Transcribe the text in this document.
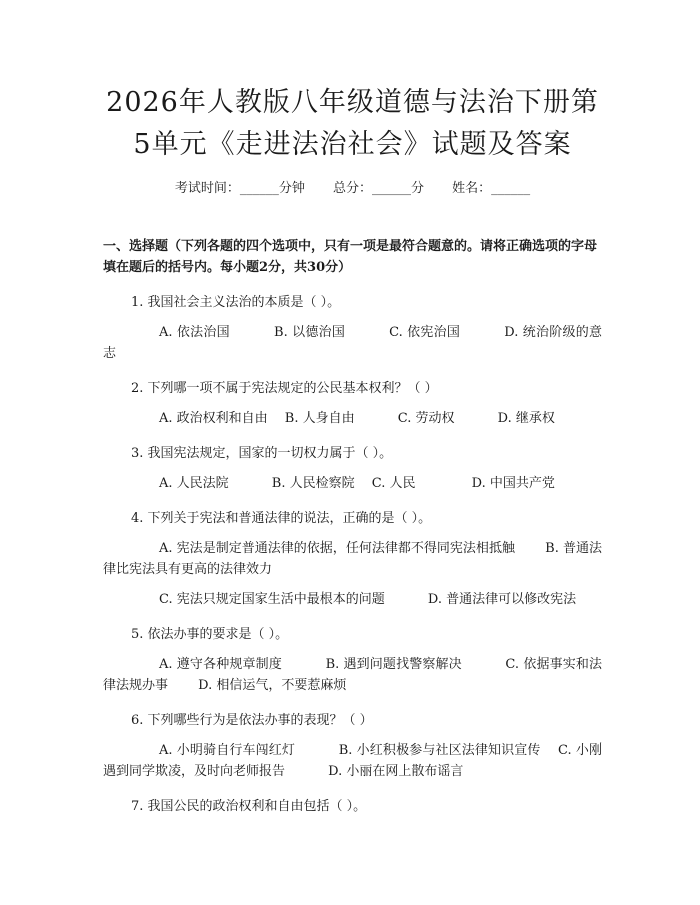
2026年人教版八年级道德与法治下册第5单元《走进法治社会》试题及答案
考试时间：______分钟 总分：______分 姓名：______
一、选择题（下列各题的四个选项中，只有一项是最符合题意的。请将正确选项的字母填在题后的括号内。每小题2分，共30分）
1. 我国社会主义法治的本质是（ ）。
A. 依法治国　　　 B. 以德治国　　　 C. 依宪治国　　　 D. 统治阶级的意志
2. 下列哪一项不属于宪法规定的公民基本权利？（ ）
A. 政治权利和自由　 B. 人身自由　　　 C. 劳动权　　　 D. 继承权
3. 我国宪法规定，国家的一切权力属于（ ）。
A. 人民法院　　　 B. 人民检察院　 C. 人民　　　　 D. 中国共产党
4. 下列关于宪法和普通法律的说法，正确的是（ ）。
A. 宪法是制定普通法律的依据，任何法律都不得同宪法相抵触　　 B. 普通法律比宪法具有更高的法律效力
C. 宪法只规定国家生活中最根本的问题　　　 D. 普通法律可以修改宪法
5. 依法办事的要求是（ ）。
A. 遵守各种规章制度　　　 B. 遇到问题找警察解决　　　 C. 依据事实和法律法规办事　　 D. 相信运气，不要惹麻烦
6. 下列哪些行为是依法办事的表现？（ ）
A. 小明骑自行车闯红灯　　　 B. 小红积极参与社区法律知识宣传　 C. 小刚遇到同学欺凌，及时向老师报告　　　 D. 小丽在网上散布谣言
7. 我国公民的政治权利和自由包括（ ）。
